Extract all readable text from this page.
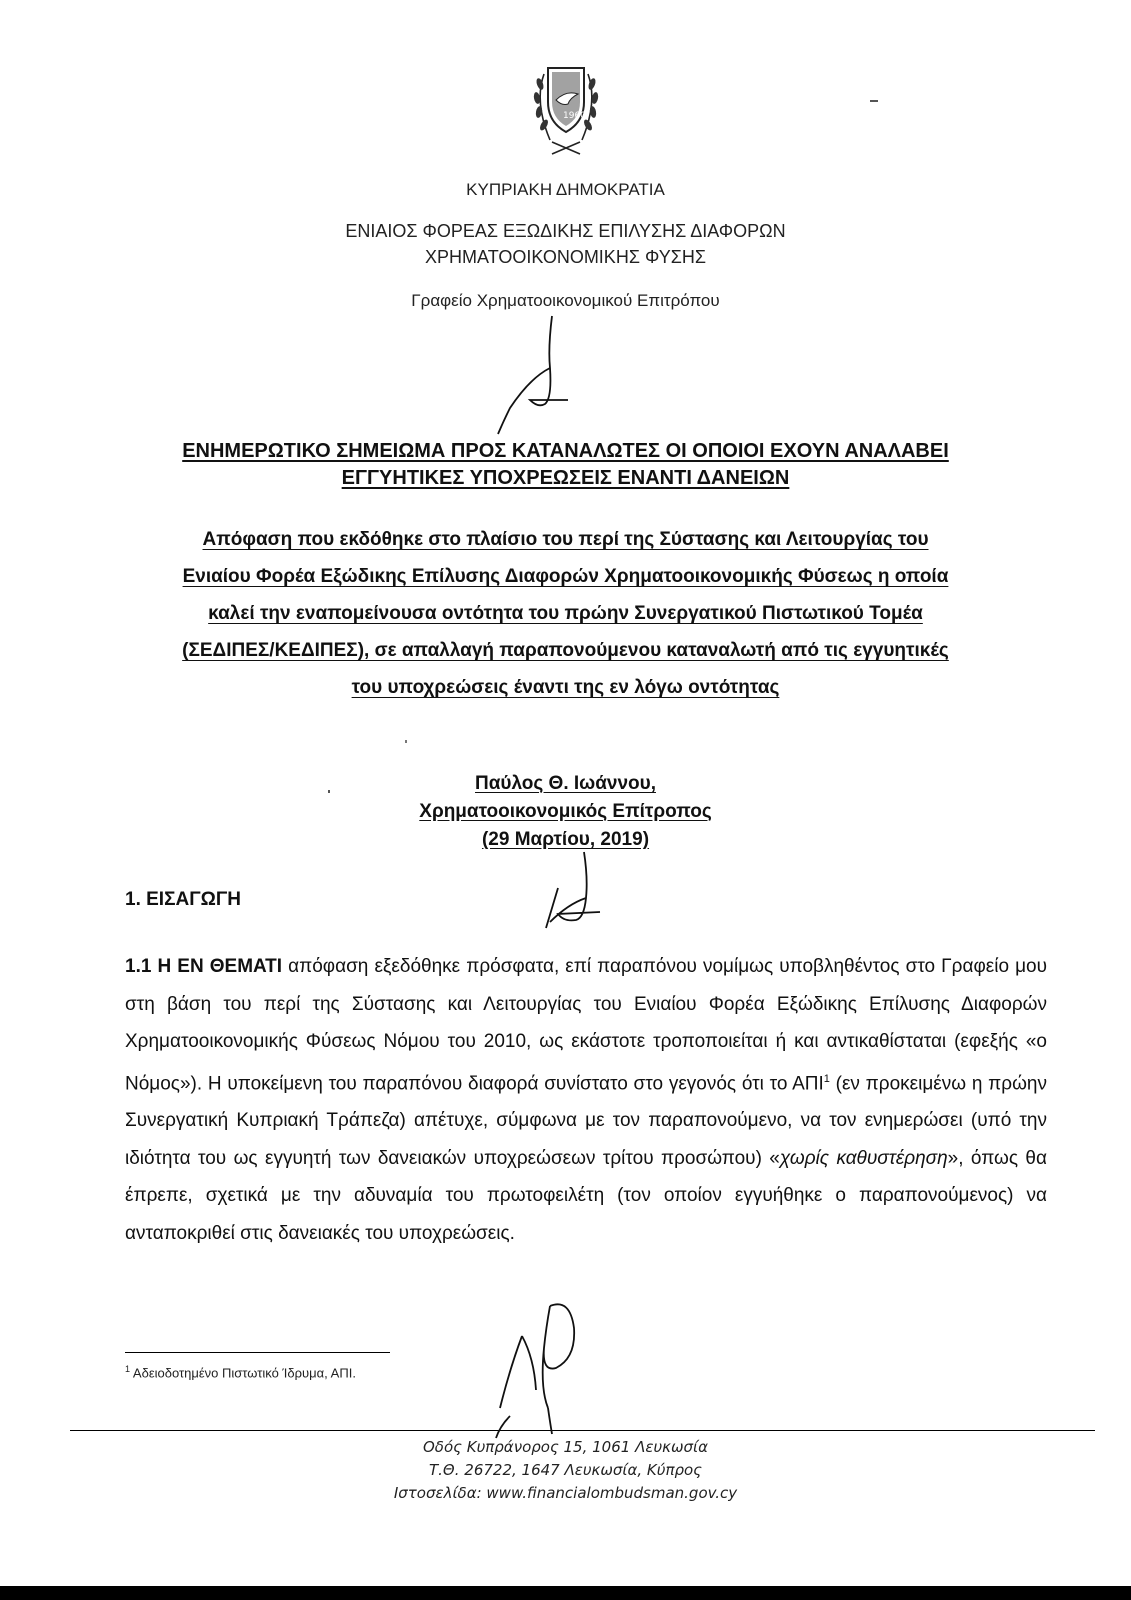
1960
ΚΥΠΡΙΑΚΗ ΔΗΜΟΚΡΑΤΙΑ
ΕΝΙΑΙΟΣ ΦΟΡΕΑΣ ΕΞΩΔΙΚΗΣ ΕΠΙΛΥΣΗΣ ΔΙΑΦΟΡΩΝ
ΧΡΗΜΑΤΟΟΙΚΟΝΟΜΙΚΗΣ ΦΥΣΗΣ
Γραφείο Χρηματοοικονομικού Επιτρόπου
ΕΝΗΜΕΡΩΤΙΚΟ ΣΗΜΕΙΩΜΑ ΠΡΟΣ ΚΑΤΑΝΑΛΩΤΕΣ ΟΙ ΟΠΟΙΟΙ ΕΧΟΥΝ ΑΝΑΛΑΒΕΙ
ΕΓΓΥΗΤΙΚΕΣ ΥΠΟΧΡΕΩΣΕΙΣ ΕΝΑΝΤΙ ΔΑΝΕΙΩΝ
Απόφαση που εκδόθηκε στο πλαίσιο του περί της Σύστασης και Λειτουργίας του
Ενιαίου Φορέα Εξώδικης Επίλυσης Διαφορών Χρηματοοικονομικής Φύσεως η οποία
καλεί την εναπομείνουσα οντότητα του πρώην Συνεργατικού Πιστωτικού Τομέα
(ΣΕΔΙΠΕΣ/ΚΕΔΙΠΕΣ), σε απαλλαγή παραπονούμενου καταναλωτή από τις εγγυητικές
του υποχρεώσεις έναντι της εν λόγω οντότητας
Παύλος Θ. Ιωάννου,
Χρηματοοικονομικός Επίτροπος
(29 Μαρτίου, 2019)
1. ΕΙΣΑΓΩΓΗ
1.1 Η ΕΝ ΘΕΜΑΤΙ απόφαση εξεδόθηκε πρόσφατα, επί παραπόνου νομίμως υποβληθέντος στο Γραφείο μου στη βάση του περί της Σύστασης και Λειτουργίας του Ενιαίου Φορέα Εξώδικης Επίλυσης Διαφορών Χρηματοοικονομικής Φύσεως Νόμου του 2010, ως εκάστοτε τροποποιείται ή και αντικαθίσταται (εφεξής «ο Νόμος»). Η υποκείμενη του παραπόνου διαφορά συνίστατο στο γεγονός ότι το ΑΠΙ$^1$ (εν προκειμένω η πρώην Συνεργατική Κυπριακή Τράπεζα) απέτυχε, σύμφωνα με τον παραπονούμενο, να τον ενημερώσει (υπό την ιδιότητα του ως εγγυητή των δανειακών υποχρεώσεων τρίτου προσώπου) «χωρίς καθυστέρηση», όπως θα έπρεπε, σχετικά με την αδυναμία του πρωτοφειλέτη (τον οποίον εγγυήθηκε ο παραπονούμενος) να ανταποκριθεί στις δανειακές του υποχρεώσεις.
$^1$ Αδειοδοτημένο Πιστωτικό Ίδρυμα, ΑΠΙ.
Οδός Κυπράνορος 15, 1061 Λευκωσία
Τ.Θ. 26722, 1647 Λευκωσία, Κύπρος
Ιστοσελίδα: www.financialombudsman.gov.cy
